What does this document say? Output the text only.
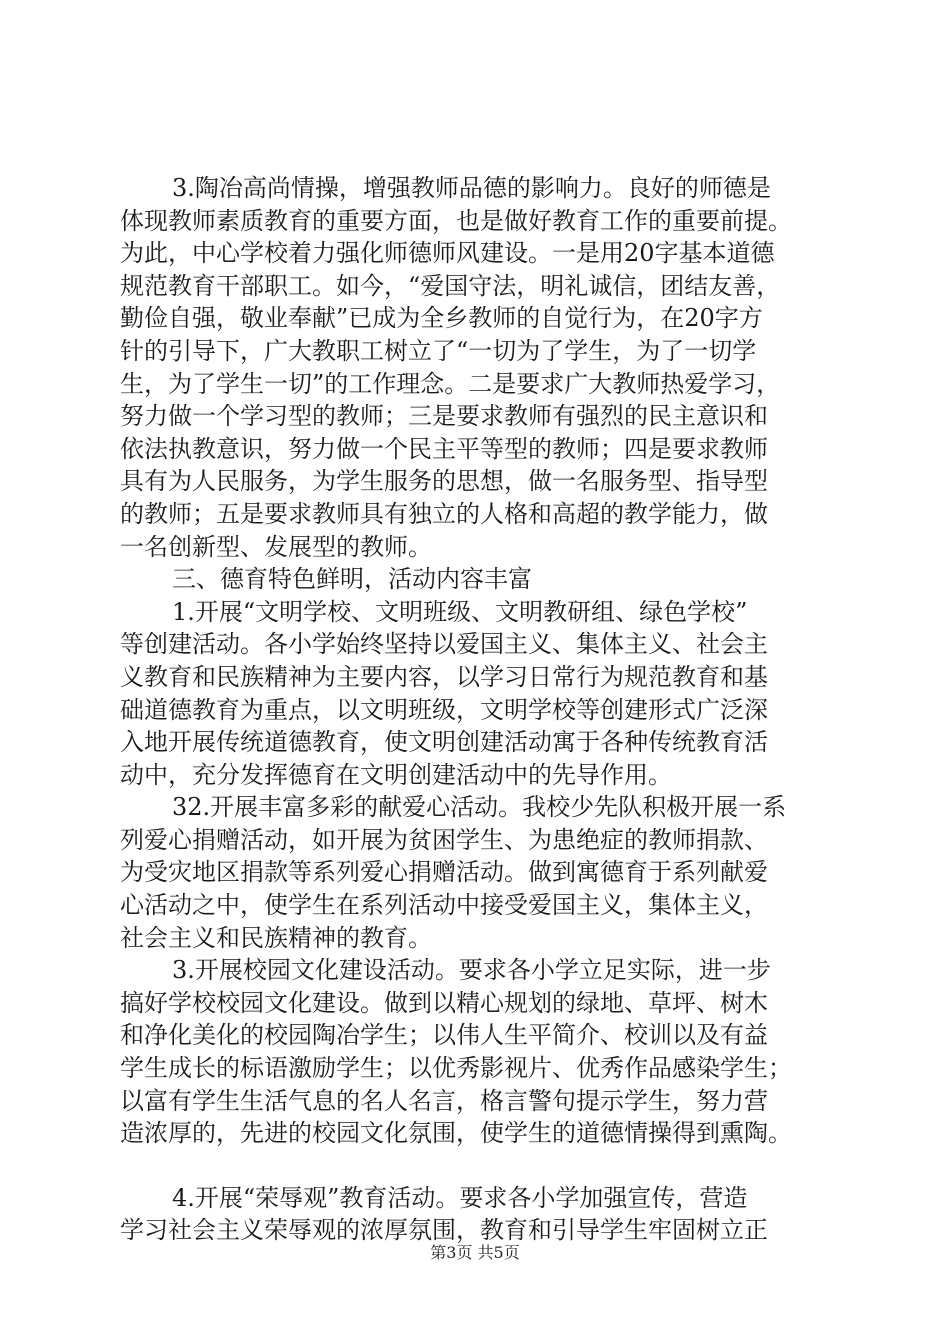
3.陶冶高尚情操，增强教师品德的影响力。良好的师德是
体现教师素质教育的重要方面，也是做好教育工作的重要前提。
为此，中心学校着力强化师德师风建设。一是用20字基本道德
规范教育干部职工。如今，“爱国守法，明礼诚信，团结友善，
勤俭自强，敬业奉献”已成为全乡教师的自觉行为，在20字方
针的引导下，广大教职工树立了“一切为了学生，为了一切学
生，为了学生一切”的工作理念。二是要求广大教师热爱学习，
努力做一个学习型的教师；三是要求教师有强烈的民主意识和
依法执教意识，努力做一个民主平等型的教师；四是要求教师
具有为人民服务，为学生服务的思想，做一名服务型、指导型
的教师；五是要求教师具有独立的人格和高超的教学能力，做
一名创新型、发展型的教师。
三、德育特色鲜明，活动内容丰富
1.开展“文明学校、文明班级、文明教研组、绿色学校”
等创建活动。各小学始终坚持以爱国主义、集体主义、社会主
义教育和民族精神为主要内容，以学习日常行为规范教育和基
础道德教育为重点，以文明班级，文明学校等创建形式广泛深
入地开展传统道德教育，使文明创建活动寓于各种传统教育活
动中，充分发挥德育在文明创建活动中的先导作用。
32.开展丰富多彩的献爱心活动。我校少先队积极开展一系
列爱心捐赠活动，如开展为贫困学生、为患绝症的教师捐款、
为受灾地区捐款等系列爱心捐赠活动。做到寓德育于系列献爱
心活动之中，使学生在系列活动中接受爱国主义，集体主义，
社会主义和民族精神的教育。
3.开展校园文化建设活动。要求各小学立足实际，进一步
搞好学校校园文化建设。做到以精心规划的绿地、草坪、树木
和净化美化的校园陶冶学生；以伟人生平简介、校训以及有益
学生成长的标语激励学生；以优秀影视片、优秀作品感染学生；
以富有学生生活气息的名人名言，格言警句提示学生，努力营
造浓厚的，先进的校园文化氛围，使学生的道德情操得到熏陶。
4.开展“荣辱观”教育活动。要求各小学加强宣传，营造
学习社会主义荣辱观的浓厚氛围，教育和引导学生牢固树立正
第3页 共5页
